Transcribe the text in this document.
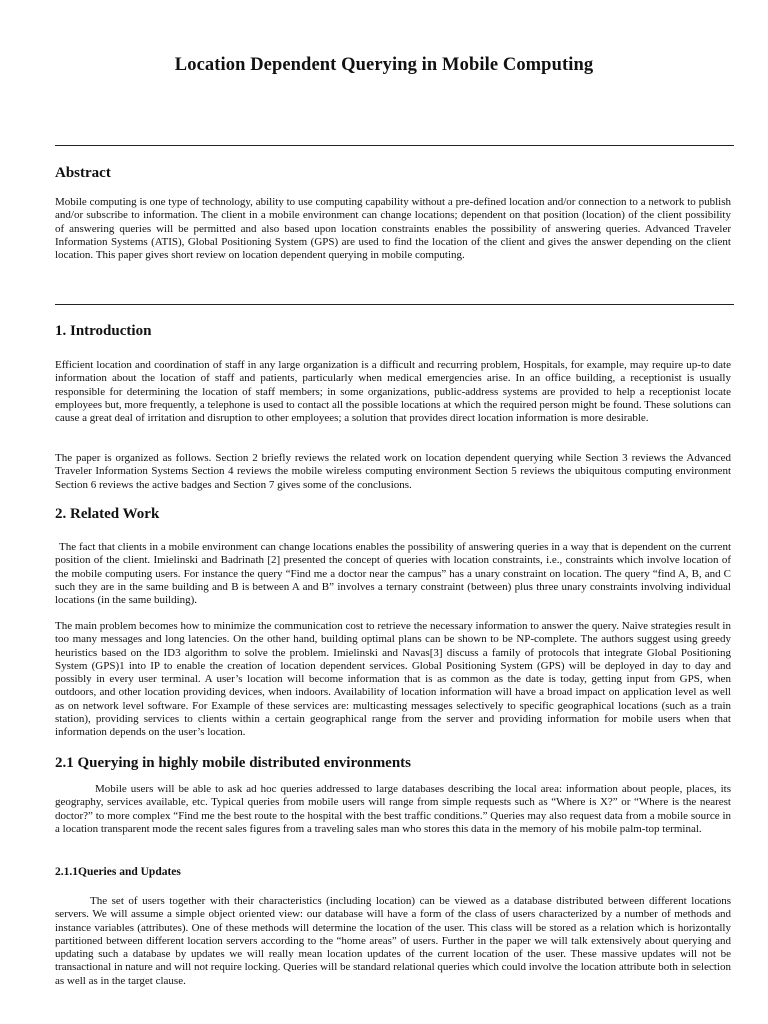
Location Dependent Querying in Mobile Computing
Abstract
Mobile computing is one type of technology, ability to use computing capability without a pre-defined location and/or connection to a network to publish and/or subscribe to information. The client in a mobile environment can change locations; dependent on that position (location) of the client possibility of answering queries will be permitted and also based upon location constraints enables the possibility of answering queries. Advanced Traveler Information Systems (ATIS), Global Positioning System (GPS) are used to find the location of the client and gives the answer depending on the client location. This paper gives short review on location dependent querying in mobile computing.
1. Introduction
Efficient location and coordination of staff in any large organization is a difficult and recurring problem, Hospitals, for example, may require up-to date information about the location of staff and patients, particularly when medical emergencies arise. In an office building, a receptionist is usually responsible for determining the location of staff members; in some organizations, public-address systems are provided to help a receptionist locate employees but, more frequently, a telephone is used to contact all the possible locations at which the required person might be found. These solutions can cause a great deal of irritation and disruption to other employees; a solution that provides direct location information is more desirable.
The paper is organized as follows. Section 2 briefly reviews the related work on location dependent querying while Section 3 reviews the Advanced Traveler Information Systems Section 4 reviews the mobile wireless computing environment Section 5 reviews the ubiquitous computing environment Section 6 reviews the active badges and Section 7 gives some of the conclusions.
2. Related Work
The fact that clients in a mobile environment can change locations enables the possibility of answering queries in a way that is dependent on the current position of the client. Imielinski and Badrinath [2] presented the concept of queries with location constraints, i.e., constraints which involve location of the mobile computing users. For instance the query “Find me a doctor near the campus” has a unary constraint on location. The query “find A, B, and C such they are in the same building and B is between A and B” involves a ternary constraint (between) plus three unary constraints involving individual locations (in the same building).
The main problem becomes how to minimize the communication cost to retrieve the necessary information to answer the query. Naive strategies result in too many messages and long latencies. On the other hand, building optimal plans can be shown to be NP-complete. The authors suggest using greedy heuristics based on the ID3 algorithm to solve the problem. Imielinski and Navas[3] discuss a family of protocols that integrate Global Positioning System (GPS)1 into IP to enable the creation of location dependent services. Global Positioning System (GPS) will be deployed in day to day and possibly in every user terminal. A user’s location will become information that is as common as the date is today, getting input from GPS, when outdoors, and other location providing devices, when indoors. Availability of location information will have a broad impact on application level as well as on network level software. For Example of these services are: multicasting messages selectively to specific geographical locations (such as a train station), providing services to clients within a certain geographical range from the server and providing information for mobile users when that information depends on the user’s location.
2.1 Querying in highly mobile distributed environments
Mobile users will be able to ask ad hoc queries addressed to large databases describing the local area: information about people, places, its geography, services available, etc. Typical queries from mobile users will range from simple requests such as “Where is X?” or “Where is the nearest doctor?” to more complex “Find me the best route to the hospital with the best traffic conditions.” Queries may also request data from a mobile source in a location transparent mode the recent sales figures from a traveling sales man who stores this data in the memory of his mobile palm-top terminal.
2.1.1Queries and Updates
The set of users together with their characteristics (including location) can be viewed as a database distributed between different locations servers. We will assume a simple object oriented view: our database will have a form of the class of users characterized by a number of methods and instance variables (attributes). One of these methods will determine the location of the user. This class will be stored as a relation which is horizontally partitioned between different location servers according to the “home areas” of users. Further in the paper we will talk extensively about querying and updating such a database by updates we will really mean location updates of the current location of the user. These massive updates will not be transactional in nature and will not require locking. Queries will be standard relational queries which could involve the location attribute both in selection as well as in the target clause.
